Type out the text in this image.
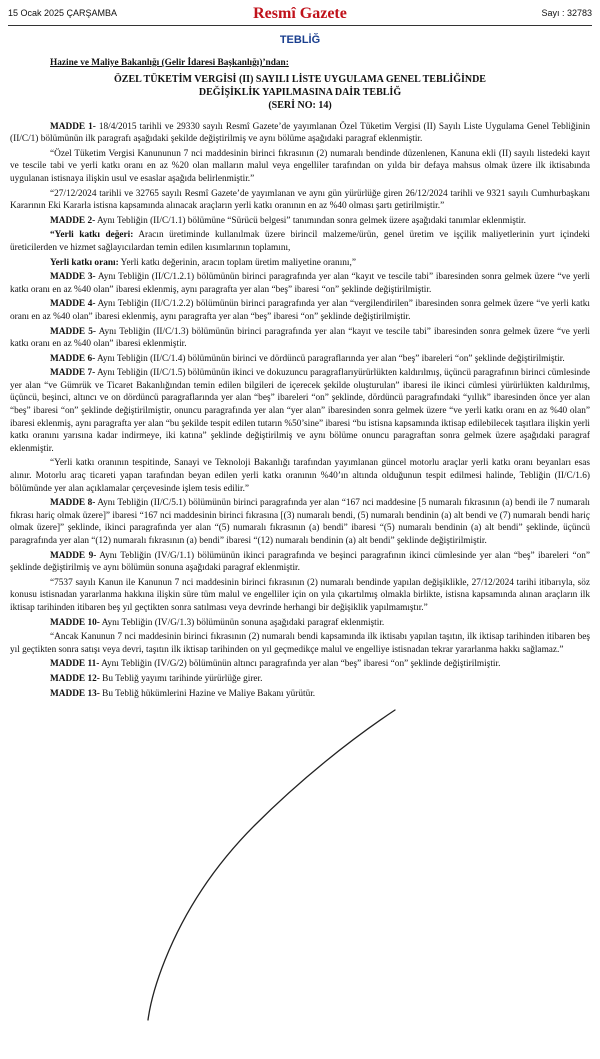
15 Ocak 2025 ÇARŞAMBA	Resmî Gazete	Sayı : 32783
TEBLİĞ
Hazine ve Maliye Bakanlığı (Gelir İdaresi Başkanlığı)’ndan:
ÖZEL TÜKETİM VERGİSİ (II) SAYILI LİSTE UYGULAMA GENEL TEBLİĞİNDE
DEĞİŞİKLİK YAPILMASINA DAİR TEBLİĞ
(SERİ NO: 14)

MADDE 1- 18/4/2015 tarihli ve 29330 sayılı Resmî Gazete’de yayımlanan Özel Tüketim Vergisi (II) Sayılı Liste Uygulama Genel Tebliğinin (II/C/1) bölümünün ilk paragrafı aşağıdaki şekilde değiştirilmiş ve aynı bölüme aşağıdaki paragraf eklenmiştir.

“Özel Tüketim Vergisi Kanununun 7 nci maddesinin birinci fıkrasının (2) numaralı bendinde düzenlenen, Kanuna ekli (II) sayılı listedeki kayıt ve tescile tabi ve yerli katkı oranı en az %20 olan malların malul veya engelliler tarafından on yılda bir defaya mahsus olmak üzere ilk iktisabında uygulanan istisnaya ilişkin usul ve esaslar aşağıda belirlenmiştir.”

“27/12/2024 tarihli ve 32765 sayılı Resmî Gazete’de yayımlanan ve aynı gün yürürlüğe giren 26/12/2024 tarihli ve 9321 sayılı Cumhurbaşkanı Kararının Eki Kararla istisna kapsamında alınacak araçların yerli katkı oranının en az %40 olması şartı getirilmiştir.”

MADDE 2- Aynı Tebliğin (II/C/1.1) bölümüne “Sürücü belgesi” tanımından sonra gelmek üzere aşağıdaki tanımlar eklenmiştir.

“Yerli katkı değeri: Aracın üretiminde kullanılmak üzere birincil malzeme/ürün, genel üretim ve işçilik maliyetlerinin yurt içindeki üreticilerden ve hizmet sağlayıcılardan temin edilen kısımlarının toplamını,

Yerli katkı oranı: Yerli katkı değerinin, aracın toplam üretim maliyetine oranını,”

MADDE 3- Aynı Tebliğin (II/C/1.2.1) bölümünün birinci paragrafında yer alan “kayıt ve tescile tabi” ibaresinden sonra gelmek üzere “ve yerli katkı oranı en az %40 olan” ibaresi eklenmiş, aynı paragrafta yer alan “beş” ibaresi “on” şeklinde değiştirilmiştir.

MADDE 4- Aynı Tebliğin (II/C/1.2.2) bölümünün birinci paragrafında yer alan “vergilendirilen” ibaresinden sonra gelmek üzere “ve yerli katkı oranı en az %40 olan” ibaresi eklenmiş, aynı paragrafta yer alan “beş” ibaresi “on” şeklinde değiştirilmiştir.

MADDE 5- Aynı Tebliğin (II/C/1.3) bölümünün birinci paragrafında yer alan “kayıt ve tescile tabi” ibaresinden sonra gelmek üzere “ve yerli katkı oranı en az %40 olan” ibaresi eklenmiştir.

MADDE 6- Aynı Tebliğin (II/C/1.4) bölümünün birinci ve dördüncü paragraflarında yer alan “beş” ibareleri “on” şeklinde değiştirilmiştir.

MADDE 7- Aynı Tebliğin (II/C/1.5) bölümünün ikinci ve dokuzuncu paragraflarıyürürlükten kaldırılmış, üçüncü paragrafının birinci cümlesinde yer alan “ve Gümrük ve Ticaret Bakanlığından temin edilen bilgileri de içerecek şekilde oluşturulan” ibaresi ile ikinci cümlesi yürürlükten kaldırılmış, üçüncü, beşinci, altıncı ve on dördüncü paragraflarında yer alan “beş” ibareleri “on” şeklinde, dördüncü paragrafındaki “yıllık” ibaresinden önce yer alan “beş” ibaresi “on” şeklinde değiştirilmiştir, onuncu paragrafında yer alan “yer alan” ibaresinden sonra gelmek üzere “ve yerli katkı oranı en az %40 olan” ibaresi eklenmiş, aynı paragrafta yer alan “bu şekilde tespit edilen tutarın %50’sine” ibaresi “bu istisna kapsamında iktisap edilebilecek taşıtlara ilişkin yerli katkı oranını yarısına kadar indirmeye, iki katına” şeklinde değiştirilmiş ve aynı bölüme onuncu paragraftan sonra gelmek üzere aşağıdaki paragraf eklenmiştir.

“Yerli katkı oranının tespitinde, Sanayi ve Teknoloji Bakanlığı tarafından yayımlanan güncel motorlu araçlar yerli katkı oranı beyanları esas alınır. Motorlu araç ticareti yapan tarafından beyan edilen yerli katkı oranının %40’ın altında olduğunun tespit edilmesi halinde, Tebliğin (II/C/1.6) bölümünde yer alan açıklamalar çerçevesinde işlem tesis edilir.”

MADDE 8- Aynı Tebliğin (II/C/5.1) bölümünün birinci paragrafında yer alan “167 nci maddesine [5 numaralı fıkrasının (a) bendi ile 7 numaralı fıkrası hariç olmak üzere]” ibaresi “167 nci maddesinin birinci fıkrasına [(3) numaralı bendi, (5) numaralı bendinin (a) alt bendi ve (7) numaralı bendi hariç olmak üzere]” şeklinde, ikinci paragrafında yer alan “(5) numaralı fıkrasının (a) bendi” ibaresi “(5) numaralı bendinin (a) alt bendi” şeklinde, üçüncü paragrafında yer alan “(12) numaralı fıkrasının (a) bendi” ibaresi “(12) numaralı bendinin (a) alt bendi” şeklinde değiştirilmiştir.

MADDE 9- Aynı Tebliğin (IV/G/1.1) bölümünün ikinci paragrafında ve beşinci paragrafının ikinci cümlesinde yer alan “beş” ibareleri “on” şeklinde değiştirilmiş ve aynı bölümün sonuna aşağıdaki paragraf eklenmiştir.

“7537 sayılı Kanun ile Kanunun 7 nci maddesinin birinci fıkrasının (2) numaralı bendinde yapılan değişiklikle, 27/12/2024 tarihi itibarıyla, söz konusu istisnadan yararlanma hakkına ilişkin süre tüm malul ve engelliler için on yıla çıkartılmış olmakla birlikte, istisna kapsamında alınan araçların ilk iktisap tarihinden itibaren beş yıl geçtikten sonra satılması veya devrinde herhangi bir değişiklik yapılmamıştır.”

MADDE 10- Aynı Tebliğin (IV/G/1.3) bölümünün sonuna aşağıdaki paragraf eklenmiştir.

“Ancak Kanunun 7 nci maddesinin birinci fıkrasının (2) numaralı bendi kapsamında ilk iktisabı yapılan taşıtın, ilk iktisap tarihinden itibaren beş yıl geçtikten sonra satışı veya devri, taşıtın ilk iktisap tarihinden on yıl geçmedikçe malul ve engelliye istisnadan tekrar yararlanma hakkı sağlamaz.”

MADDE 11- Aynı Tebliğin (IV/G/2) bölümünün altıncı paragrafında yer alan “beş” ibaresi “on” şeklinde değiştirilmiştir.

MADDE 12- Bu Tebliğ yayımı tarihinde yürürlüğe girer.

MADDE 13- Bu Tebliğ hükümlerini Hazine ve Maliye Bakanı yürütür.
